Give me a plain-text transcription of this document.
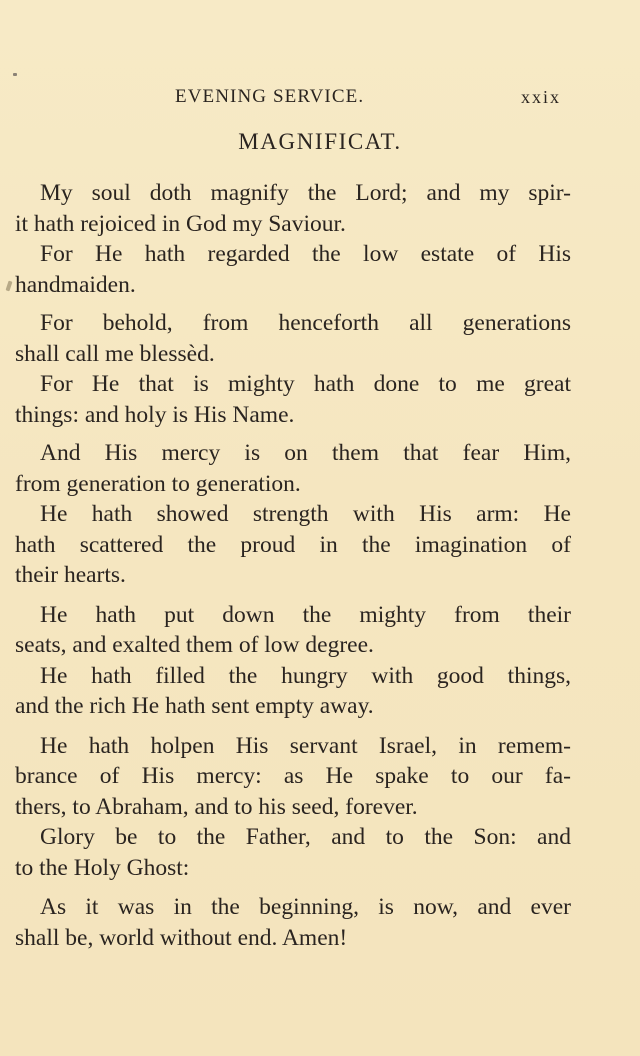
EVENING SERVICE.	xxix
MAGNIFICAT.

My soul doth magnify the Lord; and my spir-
it hath rejoiced in God my Saviour.

For He hath regarded the low estate of His
handmaiden.

For behold, from henceforth all generations
shall call me blessèd.

For He that is mighty hath done to me great
things: and holy is His Name.

And His mercy is on them that fear Him,
from generation to generation.

He hath showed strength with His arm: He
hath scattered the proud in the imagination of
their hearts.

He hath put down the mighty from their
seats, and exalted them of low degree.

He hath filled the hungry with good things,
and the rich He hath sent empty away.

He hath holpen His servant Israel, in remem-
brance of His mercy: as He spake to our fa-
thers, to Abraham, and to his seed, forever.

Glory be to the Father, and to the Son: and
to the Holy Ghost:

As it was in the beginning, is now, and ever
shall be, world without end. Amen!
